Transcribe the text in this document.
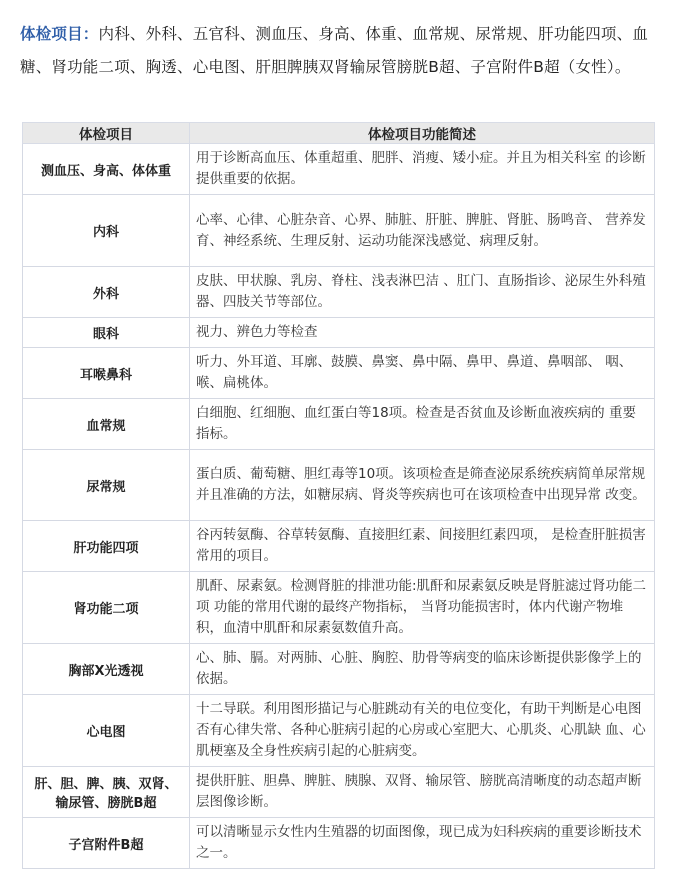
体检项目：内科、外科、五官科、测血压、身高、体重、血常规、尿常规、肝功能四项、血糖、肾功能二项、胸透、心电图、肝胆脾胰双肾输尿管膀胱B超、子宫附件B超（女性）。
体检项目	体检项目功能简述
测血压、身高、体体重	用于诊断高血压、体重超重、肥胖、消瘦、矮小症。并且为相关科室 的诊断提供重要的依据。
内科	心率、心律、心脏杂音、心界、肺脏、肝脏、脾脏、肾脏、肠鸣音、 营养发育、神经系统、生理反射、运动功能深浅感觉、病理反射。
外科	皮肤、甲状腺、乳房、脊柱、浅表淋巴洁 、肛门、直肠指诊、泌尿生外科殖器、四肢关节等部位。
眼科	视力、辨色力等检查
耳喉鼻科	听力、外耳道、耳廓、鼓膜、鼻窦、鼻中隔、鼻甲、鼻道、鼻咽部、 咽、喉、扁桃体。
血常规	白细胞、红细胞、血红蛋白等18项。检查是否贫血及诊断血液疾病的 重要指标。
尿常规	蛋白质、葡萄糖、胆红毒等10项。该项检查是筛查泌尿系统疾病简单尿常规 并且准确的方法，如糖尿病、肾炎等疾病也可在该项检查中出现异常 改变。
肝功能四项	谷丙转氨酶、谷草转氨酶、直接胆红素、间接胆红素四项， 是检查肝脏损害常用的项目。
肾功能二项	肌酐、尿素氨。检测肾脏的排泄功能:肌酐和尿素氨反映是肾脏滤过肾功能二项 功能的常用代谢的最终产物指标， 当肾功能损害时，体内代谢产物堆积，血清中肌酐和尿素氨数值升高。
胸部X光透视	心、肺、膈。对两肺、心脏、胸腔、肋骨等病变的临床诊断提供影像学上的依据。
心电图	十二导联。利用图形描记与心脏跳动有关的电位变化，有助干判断是心电图 否有心律失常、各种心脏病引起的心房或心室肥大、心肌炎、心肌缺 血、心肌梗塞及全身性疾病引起的心脏病变。
肝、胆、脾、胰、双肾、输尿管、膀胱B超	提供肝脏、胆鼻、脾脏、胰腺、双肾、输尿管、膀胱高清晰度的动态超声断层图像诊断。
子宫附件B超	可以清晰显示女性内生殖器的切面图像，现已成为妇科疾病的重要诊断技术之一。
